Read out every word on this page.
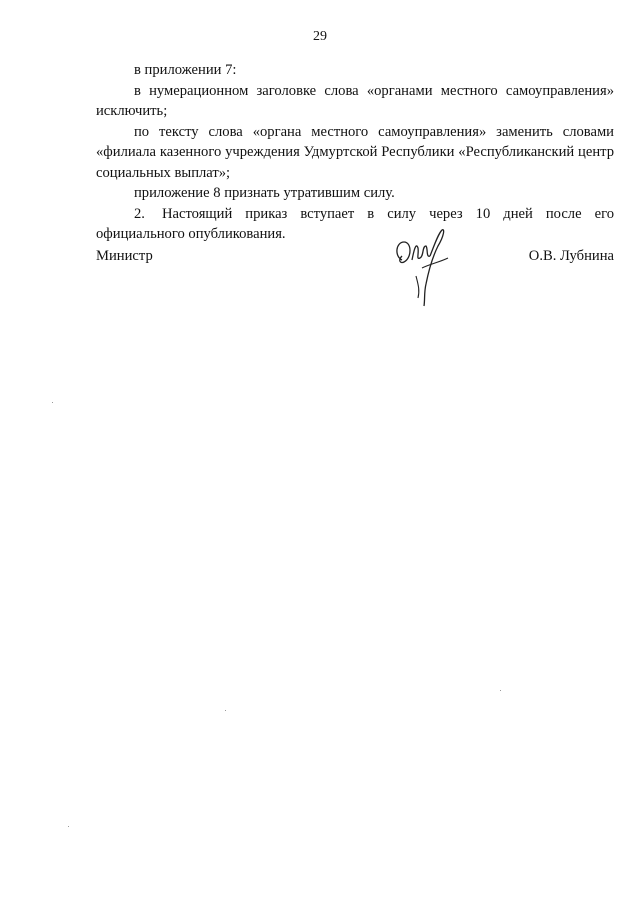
29

в приложении 7:

в нумерационном заголовке слова «органами местного самоуправления» исключить;

по тексту слова «органа местного самоуправления» заменить словами «филиала казенного учреждения Удмуртской Республики «Республиканский центр социальных выплат»;

приложение 8 признать утратившим силу.

2. Настоящий приказ вступает в силу через 10 дней после его официального опубликования.

Министр	О.В. Лубнина
